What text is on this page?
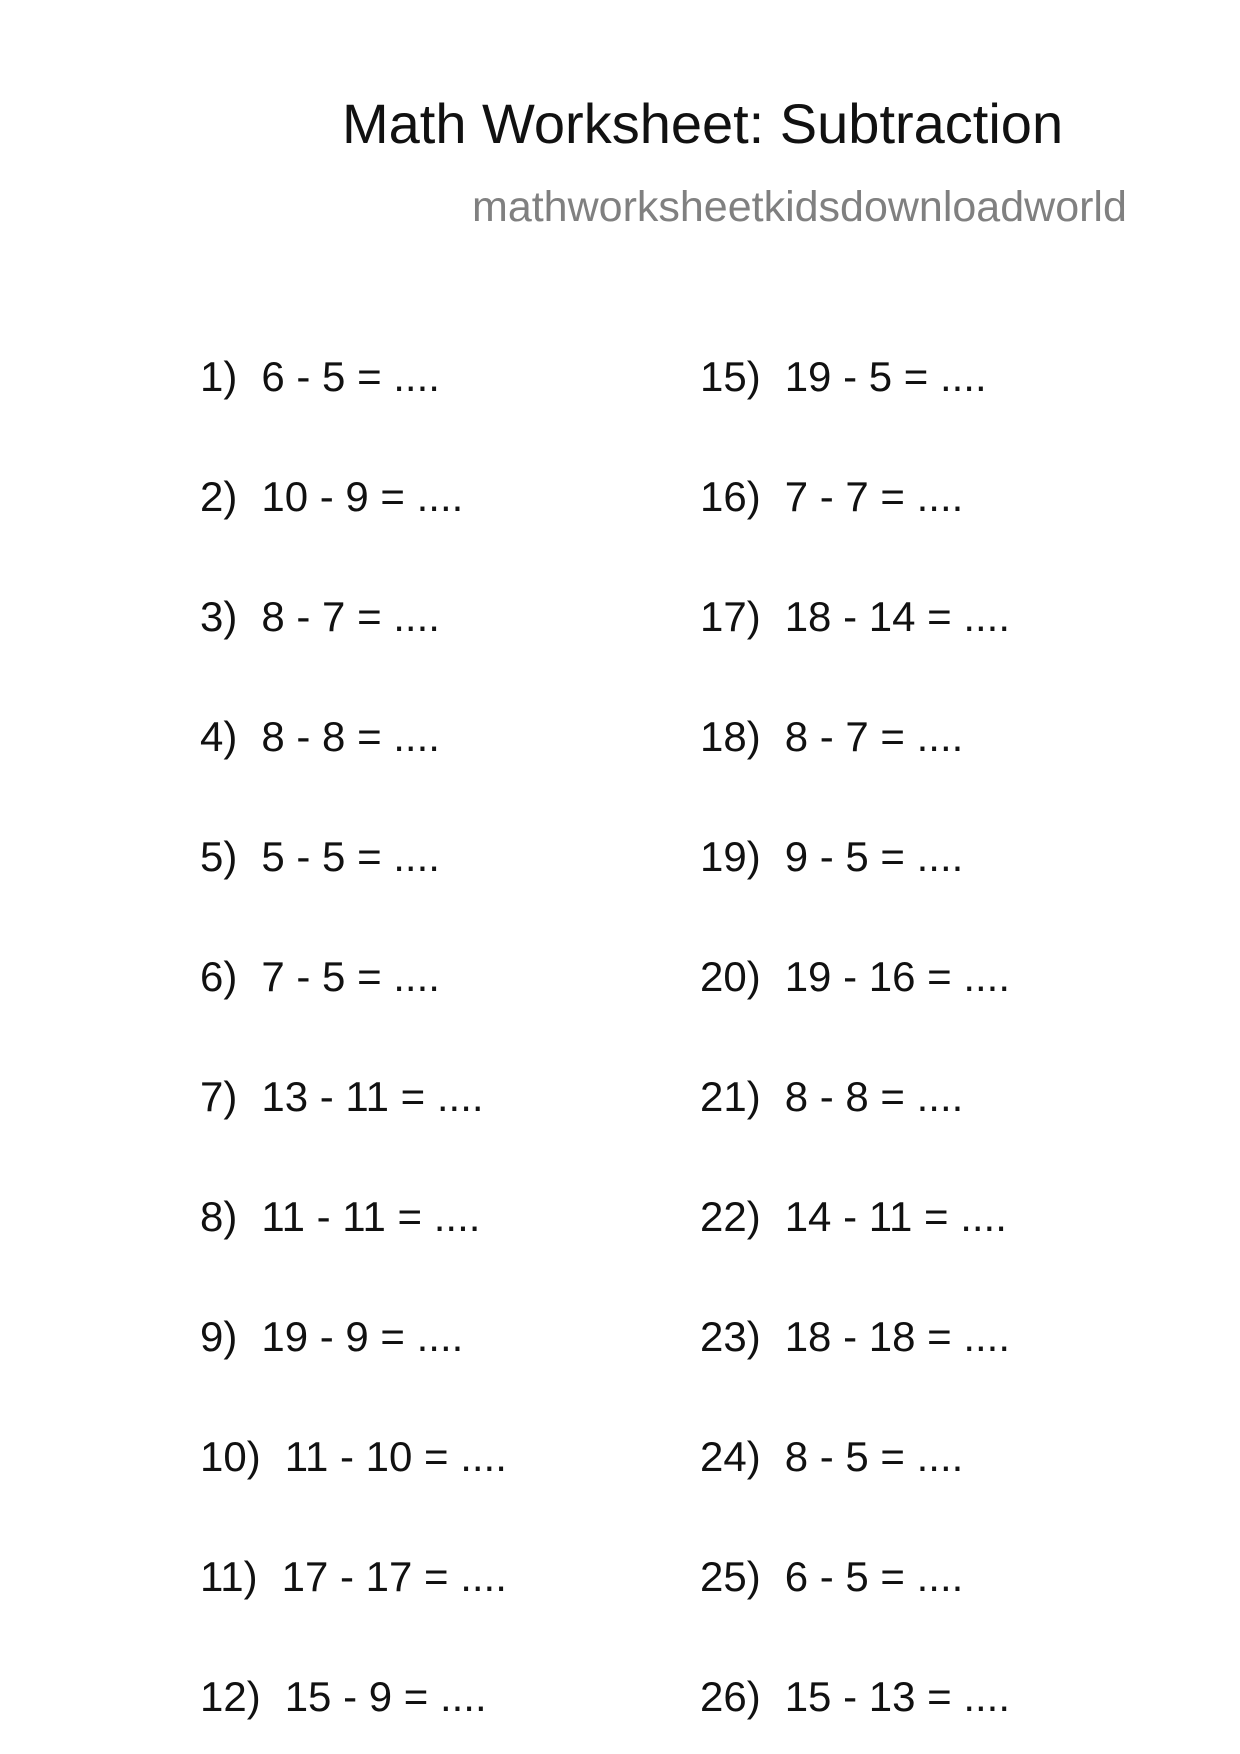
Math Worksheet: Subtraction
mathworksheetkidsdownloadworld
1) 6 - 5 = ....
2) 10 - 9 = ....
3) 8 - 7 = ....
4) 8 - 8 = ....
5) 5 - 5 = ....
6) 7 - 5 = ....
7) 13 - 11 = ....
8) 11 - 11 = ....
9) 19 - 9 = ....
10) 11 - 10 = ....
11) 17 - 17 = ....
12) 15 - 9 = ....
15) 19 - 5 = ....
16) 7 - 7 = ....
17) 18 - 14 = ....
18) 8 - 7 = ....
19) 9 - 5 = ....
20) 19 - 16 = ....
21) 8 - 8 = ....
22) 14 - 11 = ....
23) 18 - 18 = ....
24) 8 - 5 = ....
25) 6 - 5 = ....
26) 15 - 13 = ....
